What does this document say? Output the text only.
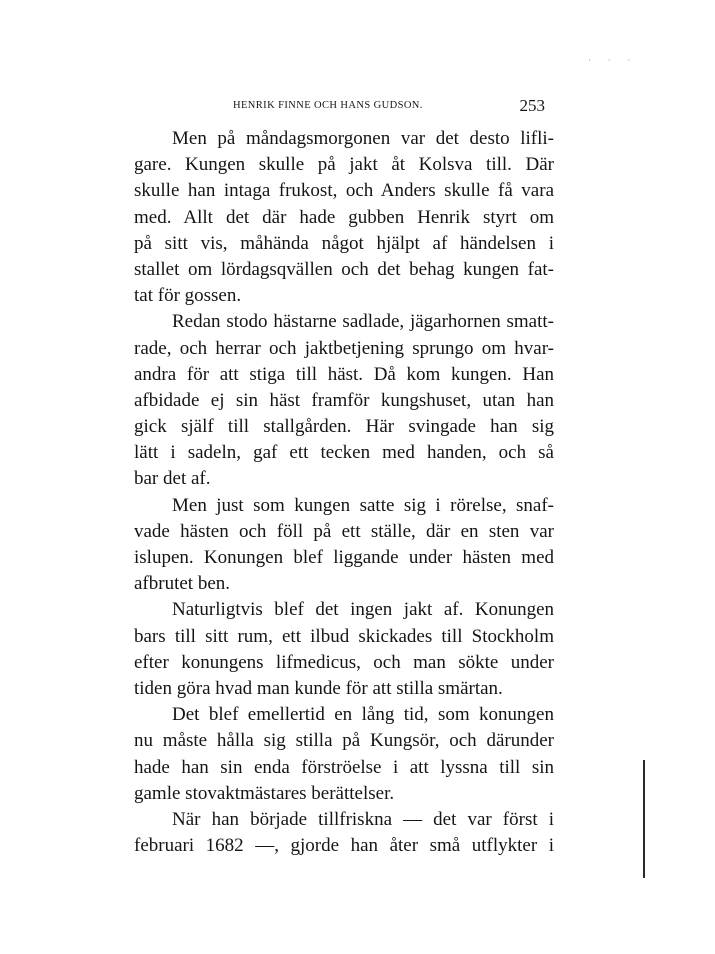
· · ·
HENRIK FINNE OCH HANS GUDSON.	253
Men på måndagsmorgonen var det desto lifli-
gare. Kungen skulle på jakt åt Kolsva till. Där
skulle han intaga frukost, och Anders skulle få vara
med. Allt det där hade gubben Henrik styrt om
på sitt vis, måhända något hjälpt af händelsen i
stallet om lördagsqvällen och det behag kungen fat-
tat för gossen.
Redan stodo hästarne sadlade, jägarhornen smatt-
rade, och herrar och jaktbetjening sprungo om hvar-
andra för att stiga till häst. Då kom kungen. Han
afbidade ej sin häst framför kungshuset, utan han
gick själf till stallgården. Här svingade han sig
lätt i sadeln, gaf ett tecken med handen, och så
bar det af.
Men just som kungen satte sig i rörelse, snaf-
vade hästen och föll på ett ställe, där en sten var
islupen. Konungen blef liggande under hästen med
afbrutet ben.
Naturligtvis blef det ingen jakt af. Konungen
bars till sitt rum, ett ilbud skickades till Stockholm
efter konungens lifmedicus, och man sökte under
tiden göra hvad man kunde för att stilla smärtan.
Det blef emellertid en lång tid, som konungen
nu måste hålla sig stilla på Kungsör, och därunder
hade han sin enda förströelse i att lyssna till sin
gamle stovaktmästares berättelser.
När han började tillfriskna — det var först i
februari 1682 —, gjorde han åter små utflykter i
